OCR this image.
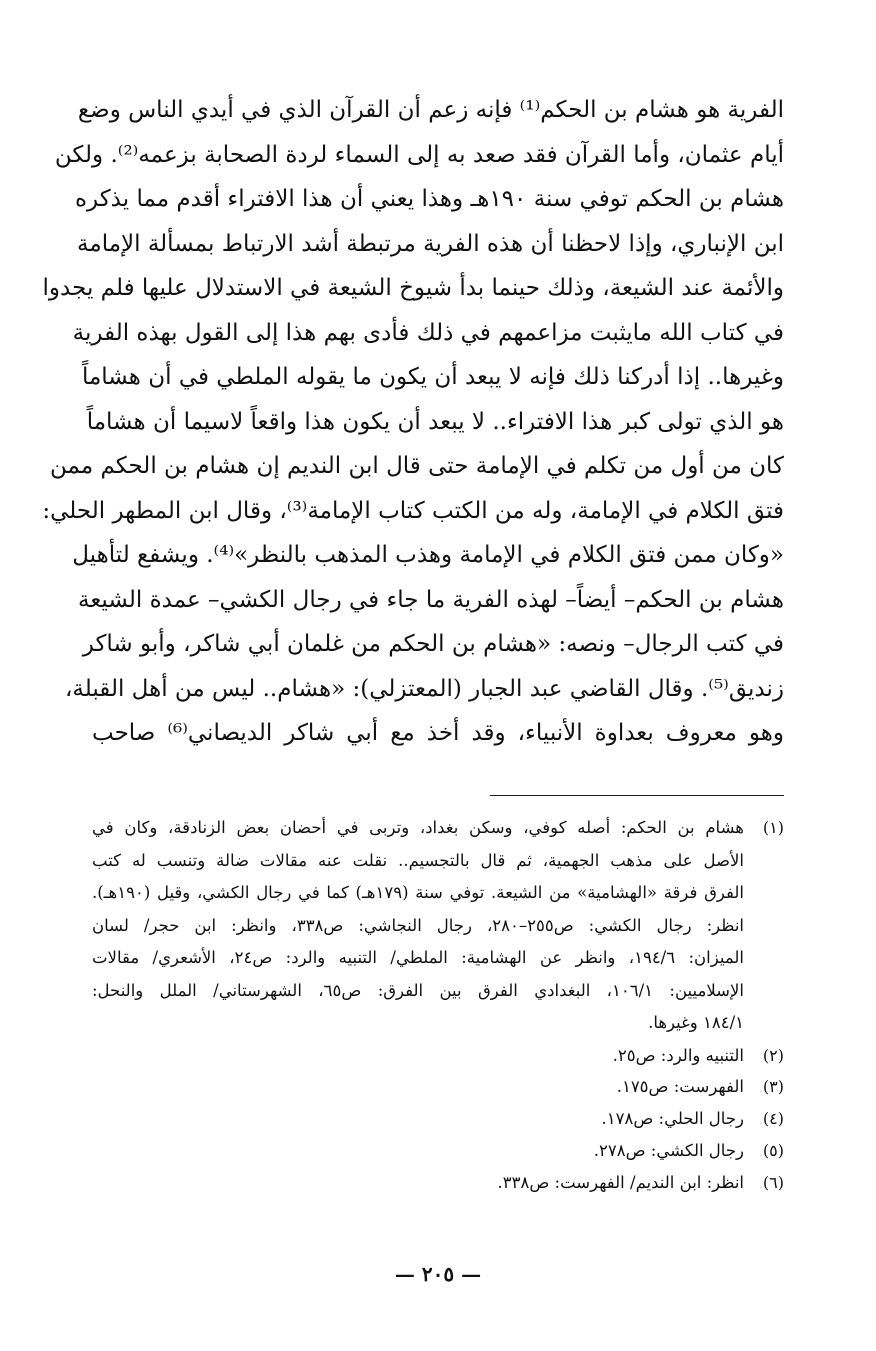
الفرية هو هشام بن الحكم⁽¹⁾ فإنه زعم أن القرآن الذي في أيدي الناس وضع
أيام عثمان، وأما القرآن فقد صعد به إلى السماء لردة الصحابة بزعمه⁽²⁾. ولكن
هشام بن الحكم توفي سنة ١٩٠هـ وهذا يعني أن هذا الافتراء أقدم مما يذكره
ابن الإنباري، وإذا لاحظنا أن هذه الفرية مرتبطة أشد الارتباط بمسألة الإمامة
والأئمة عند الشيعة، وذلك حينما بدأ شيوخ الشيعة في الاستدلال عليها فلم يجدوا
في كتاب الله مايثبت مزاعمهم في ذلك فأدى بهم هذا إلى القول بهذه الفرية
وغيرها.. إذا أدركنا ذلك فإنه لا يبعد أن يكون ما يقوله الملطي في أن هشاماً
هو الذي تولى كبر هذا الافتراء.. لا يبعد أن يكون هذا واقعاً لاسيما أن هشاماً
كان من أول من تكلم في الإمامة حتى قال ابن النديم إن هشام بن الحكم ممن
فتق الكلام في الإمامة، وله من الكتب كتاب الإمامة⁽³⁾، وقال ابن المطهر الحلي:
«وكان ممن فتق الكلام في الإمامة وهذب المذهب بالنظر»⁽⁴⁾. ويشفع لتأهيل
هشام بن الحكم– أيضاً– لهذه الفرية ما جاء في رجال الكشي– عمدة الشيعة
في كتب الرجال– ونصه: «هشام بن الحكم من غلمان أبي شاكر، وأبو شاكر
زنديق⁽⁵⁾. وقال القاضي عبد الجبار (المعتزلي): «هشام.. ليس من أهل القبلة،
وهو معروف بعداوة الأنبياء، وقد أخذ مع أبي شاكر الديصاني⁽⁶⁾ صاحب
(١)
هشام بن الحكم: أصله كوفي، وسكن بغداد، وتربى في أحضان بعض الزنادقة، وكان في
الأصل على مذهب الجهمية، ثم قال بالتجسيم.. نقلت عنه مقالات ضالة وتنسب له كتب
الفرق فرقة «الهشامية» من الشيعة. توفي سنة (١٧٩هـ) كما في رجال الكشي، وقيل (١٩٠هـ).
انظر: رجال الكشي: ص٢٥٥–٢٨٠، رجال النجاشي: ص٣٣٨، وانظر: ابن حجر/ لسان
الميزان: ١٩٤/٦، وانظر عن الهشامية: الملطي/ التنبيه والرد: ص٢٤، الأشعري/ مقالات
الإسلاميين: ١٠٦/١، البغدادي الفرق بين الفرق: ص٦٥، الشهرستاني/ الملل والنحل:
١٨٤/١ وغيرها.
(٢)
التنبيه والرد: ص٢٥.
(٣)
الفهرست: ص١٧٥.
(٤)
رجال الحلي: ص١٧٨.
(٥)
رجال الكشي: ص٢٧٨.
(٦)
انظر: ابن النديم/ الفهرست: ص٣٣٨.
— ٢٠٥ —
